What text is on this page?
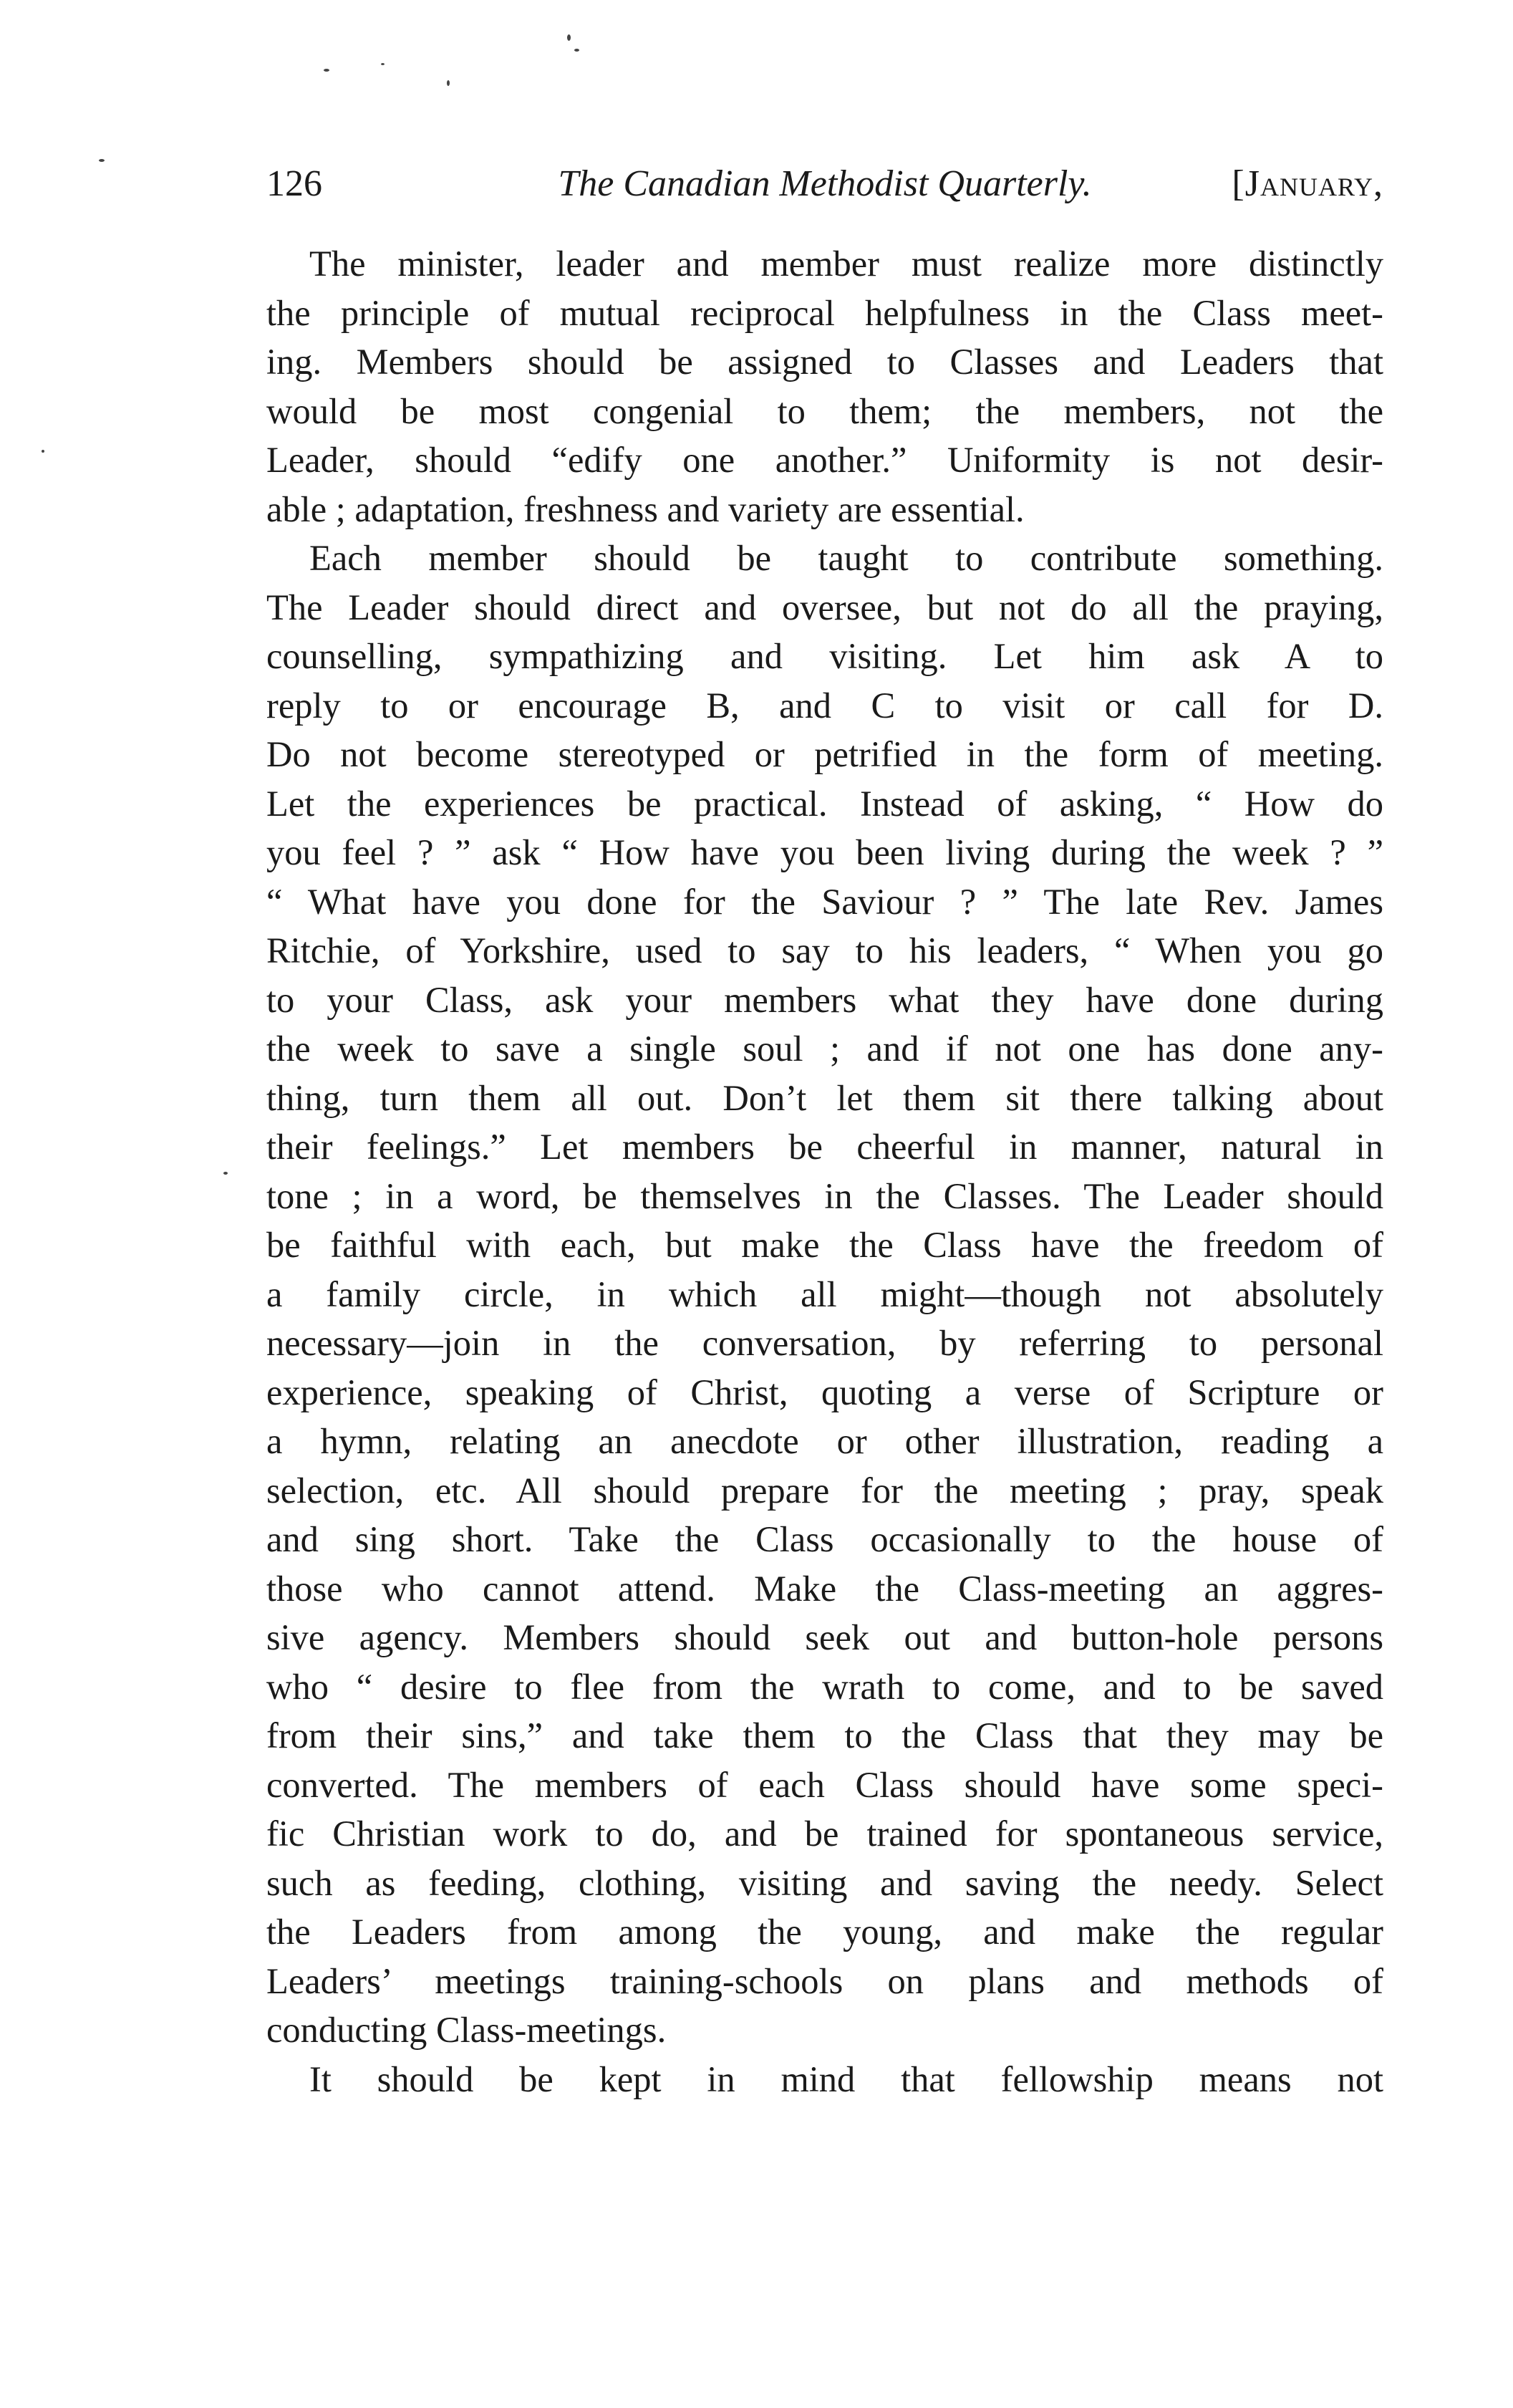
126	The Canadian Methodist Quarterly.	[January,
The minister, leader and member must realize more distinctly
the principle of mutual reciprocal helpfulness in the Class meet-
ing. Members should be assigned to Classes and Leaders that
would be most congenial to them; the members, not the
Leader, should “edify one another.” Uniformity is not desir-
able ; adaptation, freshness and variety are essential.
Each member should be taught to contribute something.
The Leader should direct and oversee, but not do all the praying,
counselling, sympathizing and visiting. Let him ask A to
reply to or encourage B, and C to visit or call for D.
Do not become stereotyped or petrified in the form of meeting.
Let the experiences be practical. Instead of asking, “ How do
you feel ? ” ask “ How have you been living during the week ? ”
“ What have you done for the Saviour ? ” The late Rev. James
Ritchie, of Yorkshire, used to say to his leaders, “ When you go
to your Class, ask your members what they have done during
the week to save a single soul ; and if not one has done any-
thing, turn them all out. Don’t let them sit there talking about
their feelings.” Let members be cheerful in manner, natural in
tone ; in a word, be themselves in the Classes. The Leader should
be faithful with each, but make the Class have the freedom of
a family circle, in which all might—though not absolutely
necessary—join in the conversation, by referring to personal
experience, speaking of Christ, quoting a verse of Scripture or
a hymn, relating an anecdote or other illustration, reading a
selection, etc. All should prepare for the meeting ; pray, speak
and sing short. Take the Class occasionally to the house of
those who cannot attend. Make the Class-meeting an aggres-
sive agency. Members should seek out and button-hole persons
who “ desire to flee from the wrath to come, and to be saved
from their sins,” and take them to the Class that they may be
converted. The members of each Class should have some speci-
fic Christian work to do, and be trained for spontaneous service,
such as feeding, clothing, visiting and saving the needy. Select
the Leaders from among the young, and make the regular
Leaders’ meetings training-schools on plans and methods of
conducting Class-meetings.
It should be kept in mind that fellowship means not
